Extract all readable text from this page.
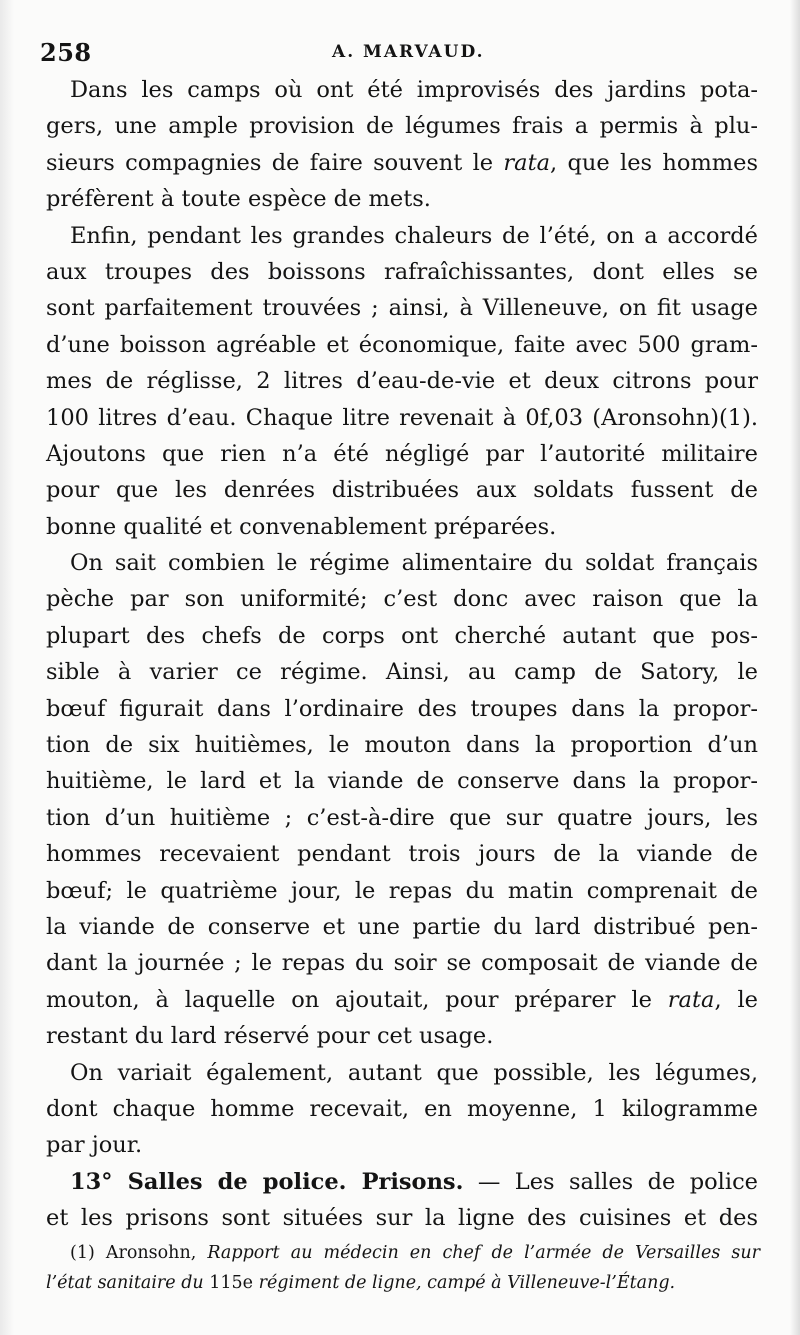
258	A. MARVAUD.
Dans les camps où ont été improvisés des jardins pota-
gers, une ample provision de légumes frais a permis à plu-
sieurs compagnies de faire souvent le rata, que les hommes
préfèrent à toute espèce de mets.
Enfin, pendant les grandes chaleurs de l’été, on a accordé
aux troupes des boissons rafraîchissantes, dont elles se
sont parfaitement trouvées ; ainsi, à Villeneuve, on fit usage
d’une boisson agréable et économique, faite avec 500 gram-
mes de réglisse, 2 litres d’eau-de-vie et deux citrons pour
100 litres d’eau. Chaque litre revenait à 0f,03 (Aronsohn)(1).
Ajoutons que rien n’a été négligé par l’autorité militaire
pour que les denrées distribuées aux soldats fussent de
bonne qualité et convenablement préparées.
On sait combien le régime alimentaire du soldat français
pèche par son uniformité; c’est donc avec raison que la
plupart des chefs de corps ont cherché autant que pos-
sible à varier ce régime. Ainsi, au camp de Satory, le
bœuf figurait dans l’ordinaire des troupes dans la propor-
tion de six huitièmes, le mouton dans la proportion d’un
huitième, le lard et la viande de conserve dans la propor-
tion d’un huitième ; c’est-à-dire que sur quatre jours, les
hommes recevaient pendant trois jours de la viande de
bœuf; le quatrième jour, le repas du matin comprenait de
la viande de conserve et une partie du lard distribué pen-
dant la journée ; le repas du soir se composait de viande de
mouton, à laquelle on ajoutait, pour préparer le rata, le
restant du lard réservé pour cet usage.
On variait également, autant que possible, les légumes,
dont chaque homme recevait, en moyenne, 1 kilogramme
par jour.
13° Salles de police. Prisons. — Les salles de police
et les prisons sont situées sur la ligne des cuisines et des
(1) Aronsohn, Rapport au médecin en chef de l’armée de Versailles sur
l’état sanitaire du 115e régiment de ligne, campé à Villeneuve-l’Étang.
